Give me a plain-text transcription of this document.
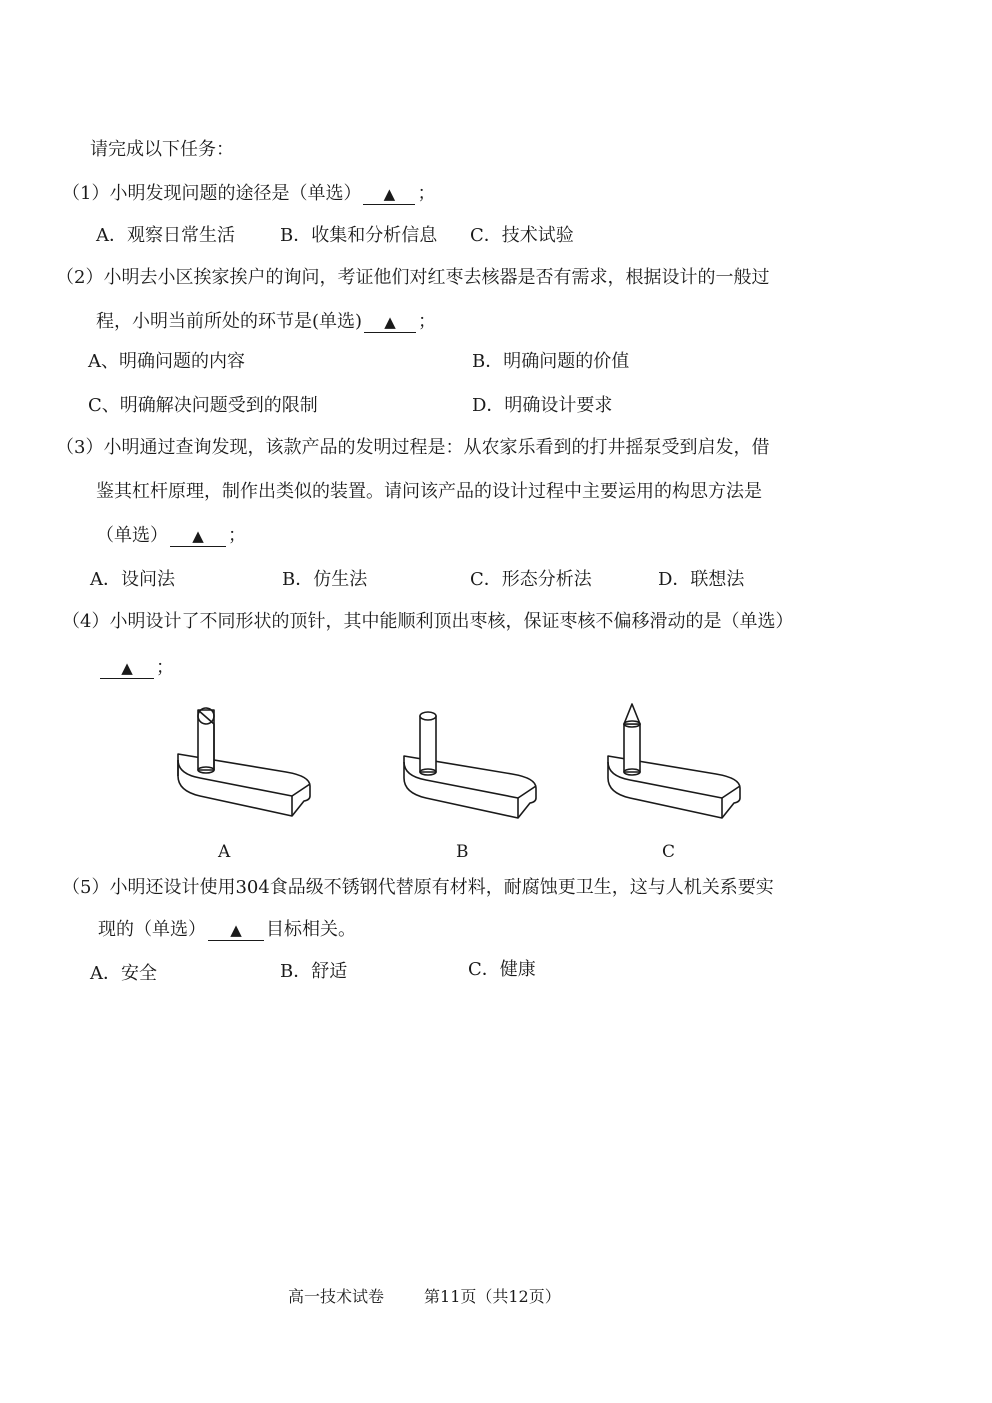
请完成以下任务：
（1）小明发现问题的途径是（单选） ▲ ；
A．观察日常生活	B．收集和分析信息 C．技术试验
（2）小明去小区挨家挨户的询问，考证他们对红枣去核器是否有需求，根据设计的一般过
程，小明当前所处的环节是(单选) ▲ ；
A、明确问题的内容	B．明确问题的价值
C、明确解决问题受到的限制	D．明确设计要求
（3）小明通过查询发现，该款产品的发明过程是：从农家乐看到的打井摇泵受到启发，借
鉴其杠杆原理，制作出类似的装置。请问该产品的设计过程中主要运用的构思方法是
（单选） ▲ ；
A．设问法	B．仿生法	C．形态分析法	D．联想法
（4）小明设计了不同形状的顶针，其中能顺利顶出枣核，保证枣核不偏移滑动的是（单选）
▲ ；
A	B	C
（5）小明还设计使用304食品级不锈钢代替原有材料，耐腐蚀更卫生，这与人机关系要实
现的（单选） ▲ 目标相关。
A．安全	B．舒适	C．健康
高一技术试卷	第11页（共12页）
